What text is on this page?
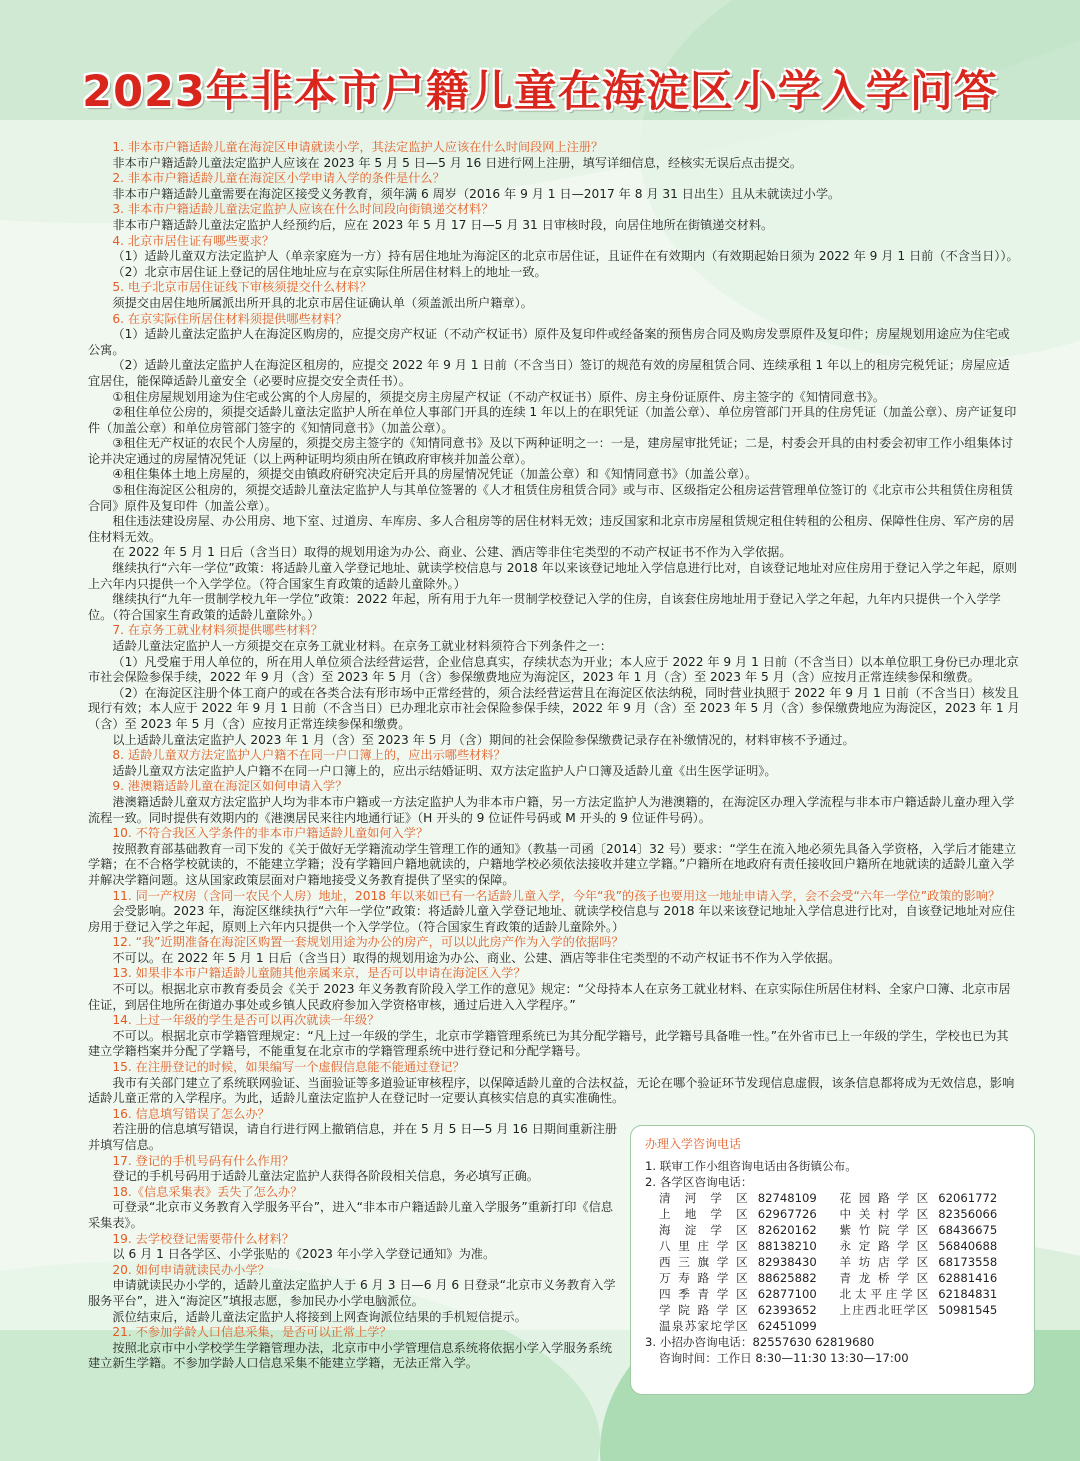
2023年非本市户籍儿童在海淀区小学入学问答
1. 非本市户籍适龄儿童在海淀区申请就读小学，其法定监护人应该在什么时间段网上注册？
非本市户籍适龄儿童法定监护人应该在 2023 年 5 月 5 日—5 月 16 日进行网上注册，填写详细信息，经核实无误后点击提交。
2. 非本市户籍适龄儿童在海淀区小学申请入学的条件是什么？
非本市户籍适龄儿童需要在海淀区接受义务教育，须年满 6 周岁（2016 年 9 月 1 日—2017 年 8 月 31 日出生）且从未就读过小学。
3. 非本市户籍适龄儿童法定监护人应该在什么时间段向街镇递交材料？
非本市户籍适龄儿童法定监护人经预约后，应在 2023 年 5 月 17 日—5 月 31 日审核时段，向居住地所在街镇递交材料。
4. 北京市居住证有哪些要求？
（1）适龄儿童双方法定监护人（单亲家庭为一方）持有居住地址为海淀区的北京市居住证，且证件在有效期内（有效期起始日须为 2022 年 9 月 1 日前（不含当日））。
（2）北京市居住证上登记的居住地址应与在京实际住所居住材料上的地址一致。
5. 电子北京市居住证线下审核须提交什么材料？
须提交由居住地所属派出所开具的北京市居住证确认单（须盖派出所户籍章）。
6. 在京实际住所居住材料须提供哪些材料？
（1）适龄儿童法定监护人在海淀区购房的，应提交房产权证（不动产权证书）原件及复印件或经备案的预售房合同及购房发票原件及复印件；房屋规划用途应为住宅或公寓。
（2）适龄儿童法定监护人在海淀区租房的，应提交 2022 年 9 月 1 日前（不含当日）签订的规范有效的房屋租赁合同、连续承租 1 年以上的租房完税凭证；房屋应适宜居住，能保障适龄儿童安全（必要时应提交安全责任书）。
①租住房屋规划用途为住宅或公寓的个人房屋的，须提交房主房屋产权证（不动产权证书）原件、房主身份证原件、房主签字的《知情同意书》。
②租住单位公房的，须提交适龄儿童法定监护人所在单位人事部门开具的连续 1 年以上的在职凭证（加盖公章）、单位房管部门开具的住房凭证（加盖公章）、房产证复印件（加盖公章）和单位房管部门签字的《知情同意书》（加盖公章）。
③租住无产权证的农民个人房屋的，须提交房主签字的《知情同意书》及以下两种证明之一：一是，建房屋审批凭证；二是，村委会开具的由村委会初审工作小组集体讨论并决定通过的房屋情况凭证（以上两种证明均须由所在镇政府审核并加盖公章）。
④租住集体土地上房屋的，须提交由镇政府研究决定后开具的房屋情况凭证（加盖公章）和《知情同意书》（加盖公章）。
⑤租住海淀区公租房的，须提交适龄儿童法定监护人与其单位签署的《人才租赁住房租赁合同》或与市、区级指定公租房运营管理单位签订的《北京市公共租赁住房租赁合同》原件及复印件（加盖公章）。
租住违法建设房屋、办公用房、地下室、过道房、车库房、多人合租房等的居住材料无效；违反国家和北京市房屋租赁规定租住转租的公租房、保障性住房、军产房的居住材料无效。
在 2022 年 5 月 1 日后（含当日）取得的规划用途为办公、商业、公建、酒店等非住宅类型的不动产权证书不作为入学依据。
继续执行“六年一学位”政策：将适龄儿童入学登记地址、就读学校信息与 2018 年以来该登记地址入学信息进行比对，自该登记地址对应住房用于登记入学之年起，原则上六年内只提供一个入学学位。（符合国家生育政策的适龄儿童除外。）
继续执行“九年一贯制学校九年一学位”政策：2022 年起，所有用于九年一贯制学校登记入学的住房，自该套住房地址用于登记入学之年起，九年内只提供一个入学学位。（符合国家生育政策的适龄儿童除外。）
7. 在京务工就业材料须提供哪些材料？
适龄儿童法定监护人一方须提交在京务工就业材料。在京务工就业材料须符合下列条件之一：
（1）凡受雇于用人单位的，所在用人单位须合法经营运营，企业信息真实，存续状态为开业；本人应于 2022 年 9 月 1 日前（不含当日）以本单位职工身份已办理北京市社会保险参保手续，2022 年 9 月（含）至 2023 年 5 月（含）参保缴费地应为海淀区，2023 年 1 月（含）至 2023 年 5 月（含）应按月正常连续参保和缴费。
（2）在海淀区注册个体工商户的或在各类合法有形市场中正常经营的，须合法经营运营且在海淀区依法纳税，同时营业执照于 2022 年 9 月 1 日前（不含当日）核发且现行有效；本人应于 2022 年 9 月 1 日前（不含当日）已办理北京市社会保险参保手续，2022 年 9 月（含）至 2023 年 5 月（含）参保缴费地应为海淀区，2023 年 1 月（含）至 2023 年 5 月（含）应按月正常连续参保和缴费。
以上适龄儿童法定监护人 2023 年 1 月（含）至 2023 年 5 月（含）期间的社会保险参保缴费记录存在补缴情况的，材料审核不予通过。
8. 适龄儿童双方法定监护人户籍不在同一户口簿上的，应出示哪些材料？
适龄儿童双方法定监护人户籍不在同一户口簿上的，应出示结婚证明、双方法定监护人户口簿及适龄儿童《出生医学证明》。
9. 港澳籍适龄儿童在海淀区如何申请入学？
港澳籍适龄儿童双方法定监护人均为非本市户籍或一方法定监护人为非本市户籍，另一方法定监护人为港澳籍的，在海淀区办理入学流程与非本市户籍适龄儿童办理入学流程一致。同时提供有效期内的《港澳居民来往内地通行证》（H 开头的 9 位证件号码或 M 开头的 9 位证件号码）。
10. 不符合我区入学条件的非本市户籍适龄儿童如何入学？
按照教育部基础教育一司下发的《关于做好无学籍流动学生管理工作的通知》（教基一司函〔2014〕32 号）要求：“学生在流入地必须先具备入学资格，入学后才能建立学籍；在不合格学校就读的，不能建立学籍；没有学籍回户籍地就读的，户籍地学校必须依法接收并建立学籍。”户籍所在地政府有责任接收回户籍所在地就读的适龄儿童入学并解决学籍问题。这从国家政策层面对户籍地接受义务教育提供了坚实的保障。
11. 同一产权房（含同一农民个人房）地址，2018 年以来如已有一名适龄儿童入学，今年“我”的孩子也要用这一地址申请入学，会不会受“六年一学位”政策的影响？
会受影响。2023 年，海淀区继续执行“六年一学位”政策：将适龄儿童入学登记地址、就读学校信息与 2018 年以来该登记地址入学信息进行比对，自该登记地址对应住房用于登记入学之年起，原则上六年内只提供一个入学学位。（符合国家生育政策的适龄儿童除外。）
12. “我”近期准备在海淀区购置一套规划用途为办公的房产，可以以此房产作为入学的依据吗？
不可以。在 2022 年 5 月 1 日后（含当日）取得的规划用途为办公、商业、公建、酒店等非住宅类型的不动产权证书不作为入学依据。
13. 如果非本市户籍适龄儿童随其他亲属来京，是否可以申请在海淀区入学？
不可以。根据北京市教育委员会《关于 2023 年义务教育阶段入学工作的意见》规定：“父母持本人在京务工就业材料、在京实际住所居住材料、全家户口簿、北京市居住证，到居住地所在街道办事处或乡镇人民政府参加入学资格审核，通过后进入入学程序。”
14. 上过一年级的学生是否可以再次就读一年级？
不可以。根据北京市学籍管理规定：“凡上过一年级的学生，北京市学籍管理系统已为其分配学籍号，此学籍号具备唯一性。”在外省市已上一年级的学生，学校也已为其建立学籍档案并分配了学籍号，不能重复在北京市的学籍管理系统中进行登记和分配学籍号。
15. 在注册登记的时候，如果编写一个虚假信息能不能通过登记？
我市有关部门建立了系统联网验证、当面验证等多道验证审核程序，以保障适龄儿童的合法权益，无论在哪个验证环节发现信息虚假，该条信息都将成为无效信息，影响适龄儿童正常的入学程序。为此，适龄儿童法定监护人在登记时一定要认真核实信息的真实准确性。
16. 信息填写错误了怎么办？
若注册的信息填写错误，请自行进行网上撤销信息，并在 5 月 5 日—5 月 16 日期间重新注册并填写信息。
17. 登记的手机号码有什么作用？
登记的手机号码用于适龄儿童法定监护人获得各阶段相关信息，务必填写正确。
18.《信息采集表》丢失了怎么办？
可登录“北京市义务教育入学服务平台”，进入“非本市户籍适龄儿童入学服务”重新打印《信息采集表》。
19. 去学校登记需要带什么材料？
以 6 月 1 日各学区、小学张贴的《2023 年小学入学登记通知》为准。
20. 如何申请就读民办小学？
申请就读民办小学的，适龄儿童法定监护人于 6 月 3 日—6 月 6 日登录“北京市义务教育入学服务平台”，进入“海淀区”填报志愿，参加民办小学电脑派位。
派位结束后，适龄儿童法定监护人将接到上网查询派位结果的手机短信提示。
21. 不参加学龄人口信息采集，是否可以正常上学？
按照北京市中小学校学生学籍管理办法，北京市中小学管理信息系统将依据小学入学服务系统建立新生学籍。不参加学龄人口信息采集不能建立学籍，无法正常入学。
办理入学咨询电话

1. 联审工作小组咨询电话由各街镇公布。

2. 各学区咨询电话：

清河学区	82748109	花园路学区	62061772
上地学区	62967726	中关村学区	82356066
海淀学区	82620162	紫竹院学区	68436675
八里庄学区	88138210	永定路学区	56840688
西三旗学区	82938430	羊坊店学区	68173558
万寿路学区	88625882	青龙桥学区	62881416
四季青学区	62877100	北太平庄学区	62184831
学院路学区	62393652	上庄西北旺学区	50981545
温泉苏家坨学区	62451099		

3. 小招办咨询电话：82557630 62819680

咨询时间：工作日 8:30—11:30 13:30—17:00
